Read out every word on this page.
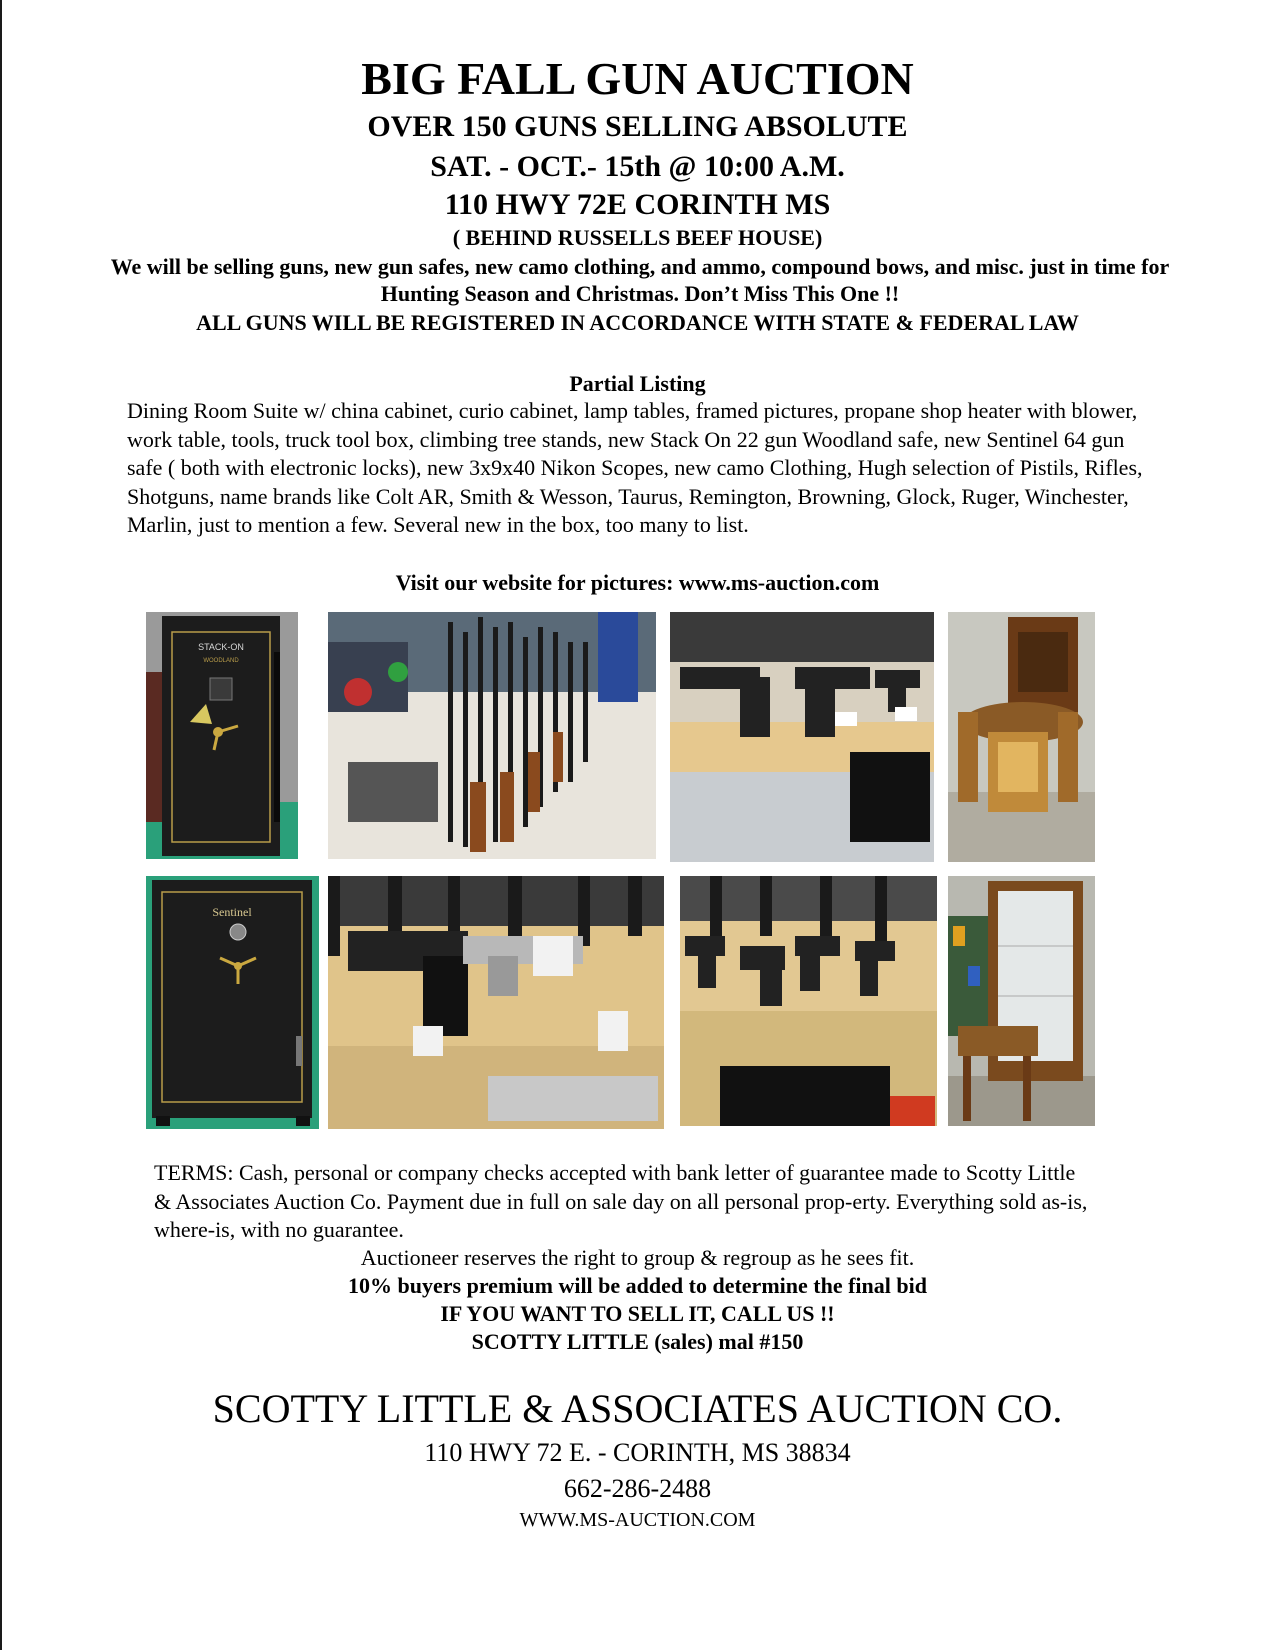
BIG FALL GUN AUCTION
OVER 150 GUNS SELLING ABSOLUTE
SAT. - OCT.- 15th @ 10:00 A.M.
110 HWY 72E CORINTH MS
( BEHIND RUSSELLS BEEF HOUSE)
We will be selling guns, new gun safes, new camo clothing, and ammo, compound bows, and misc. just in time for Hunting Season and Christmas. Don’t Miss This One !!
ALL GUNS WILL BE REGISTERED IN ACCORDANCE WITH STATE & FEDERAL LAW
Partial Listing
Dining Room Suite w/ china cabinet, curio cabinet, lamp tables, framed pictures, propane shop heater with blower, work table, tools, truck tool box, climbing tree stands, new Stack On 22 gun Woodland safe, new Sentinel 64 gun safe ( both with electronic locks), new 3x9x40 Nikon Scopes, new camo Clothing, Hugh selection of Pistils, Rifles, Shotguns, name brands like Colt AR, Smith & Wesson, Taurus, Remington, Browning, Glock, Ruger, Winchester, Marlin, just to mention a few. Several new in the box, too many to list.
Visit our website for pictures: www.ms-auction.com
STACK-ON
WOODLAND
Sentinel
TERMS: Cash, personal or company checks accepted with bank letter of guarantee made to Scotty Little & Associates Auction Co. Payment due in full on sale day on all personal prop-erty. Everything sold as-is, where-is, with no guarantee.
Auctioneer reserves the right to group & regroup as he sees fit.
10% buyers premium will be added to determine the final bid
IF YOU WANT TO SELL IT, CALL US !!
SCOTTY LITTLE (sales) mal #150
SCOTTY LITTLE & ASSOCIATES AUCTION CO.
110 HWY 72 E. - CORINTH, MS 38834
662-286-2488
WWW.MS-AUCTION.COM
